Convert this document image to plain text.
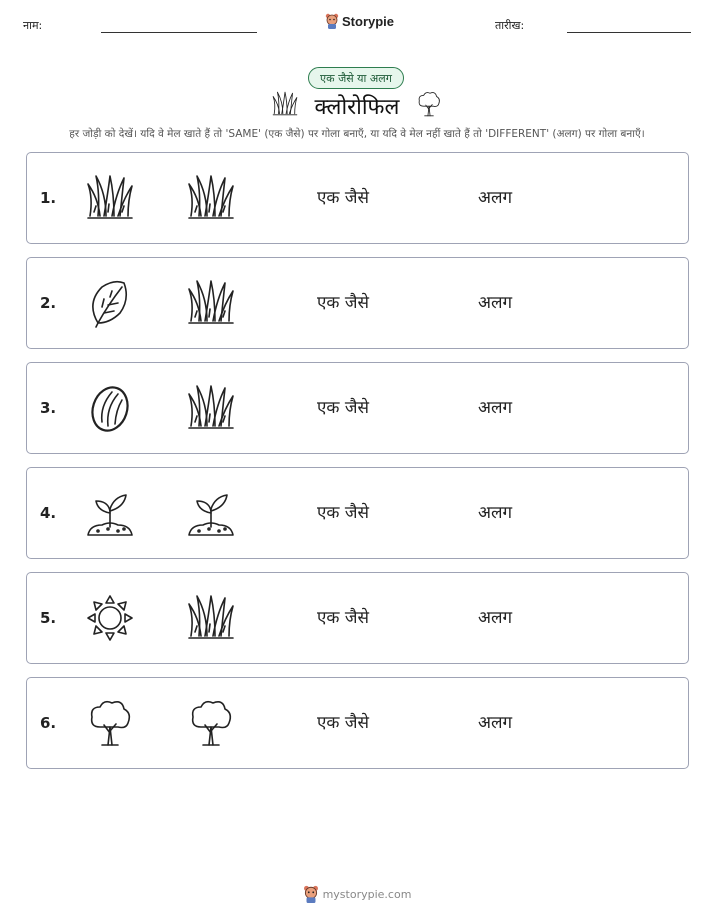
नाम:	Storypie	तारीख:
एक जैसे या अलग
क्लोरोफिल
हर जोड़ी को देखें। यदि वे मेल खाते हैं तो 'SAME' (एक जैसे) पर गोला बनाएँ, या यदि वे मेल नहीं खाते हैं तो 'DIFFERENT' (अलग) पर गोला बनाएँ।
1.	एक जैसे	अलग
2.	एक जैसे	अलग
3.	एक जैसे	अलग
4.	एक जैसे	अलग
5.	एक जैसे	अलग
6.	एक जैसे	अलग
mystorypie.com
